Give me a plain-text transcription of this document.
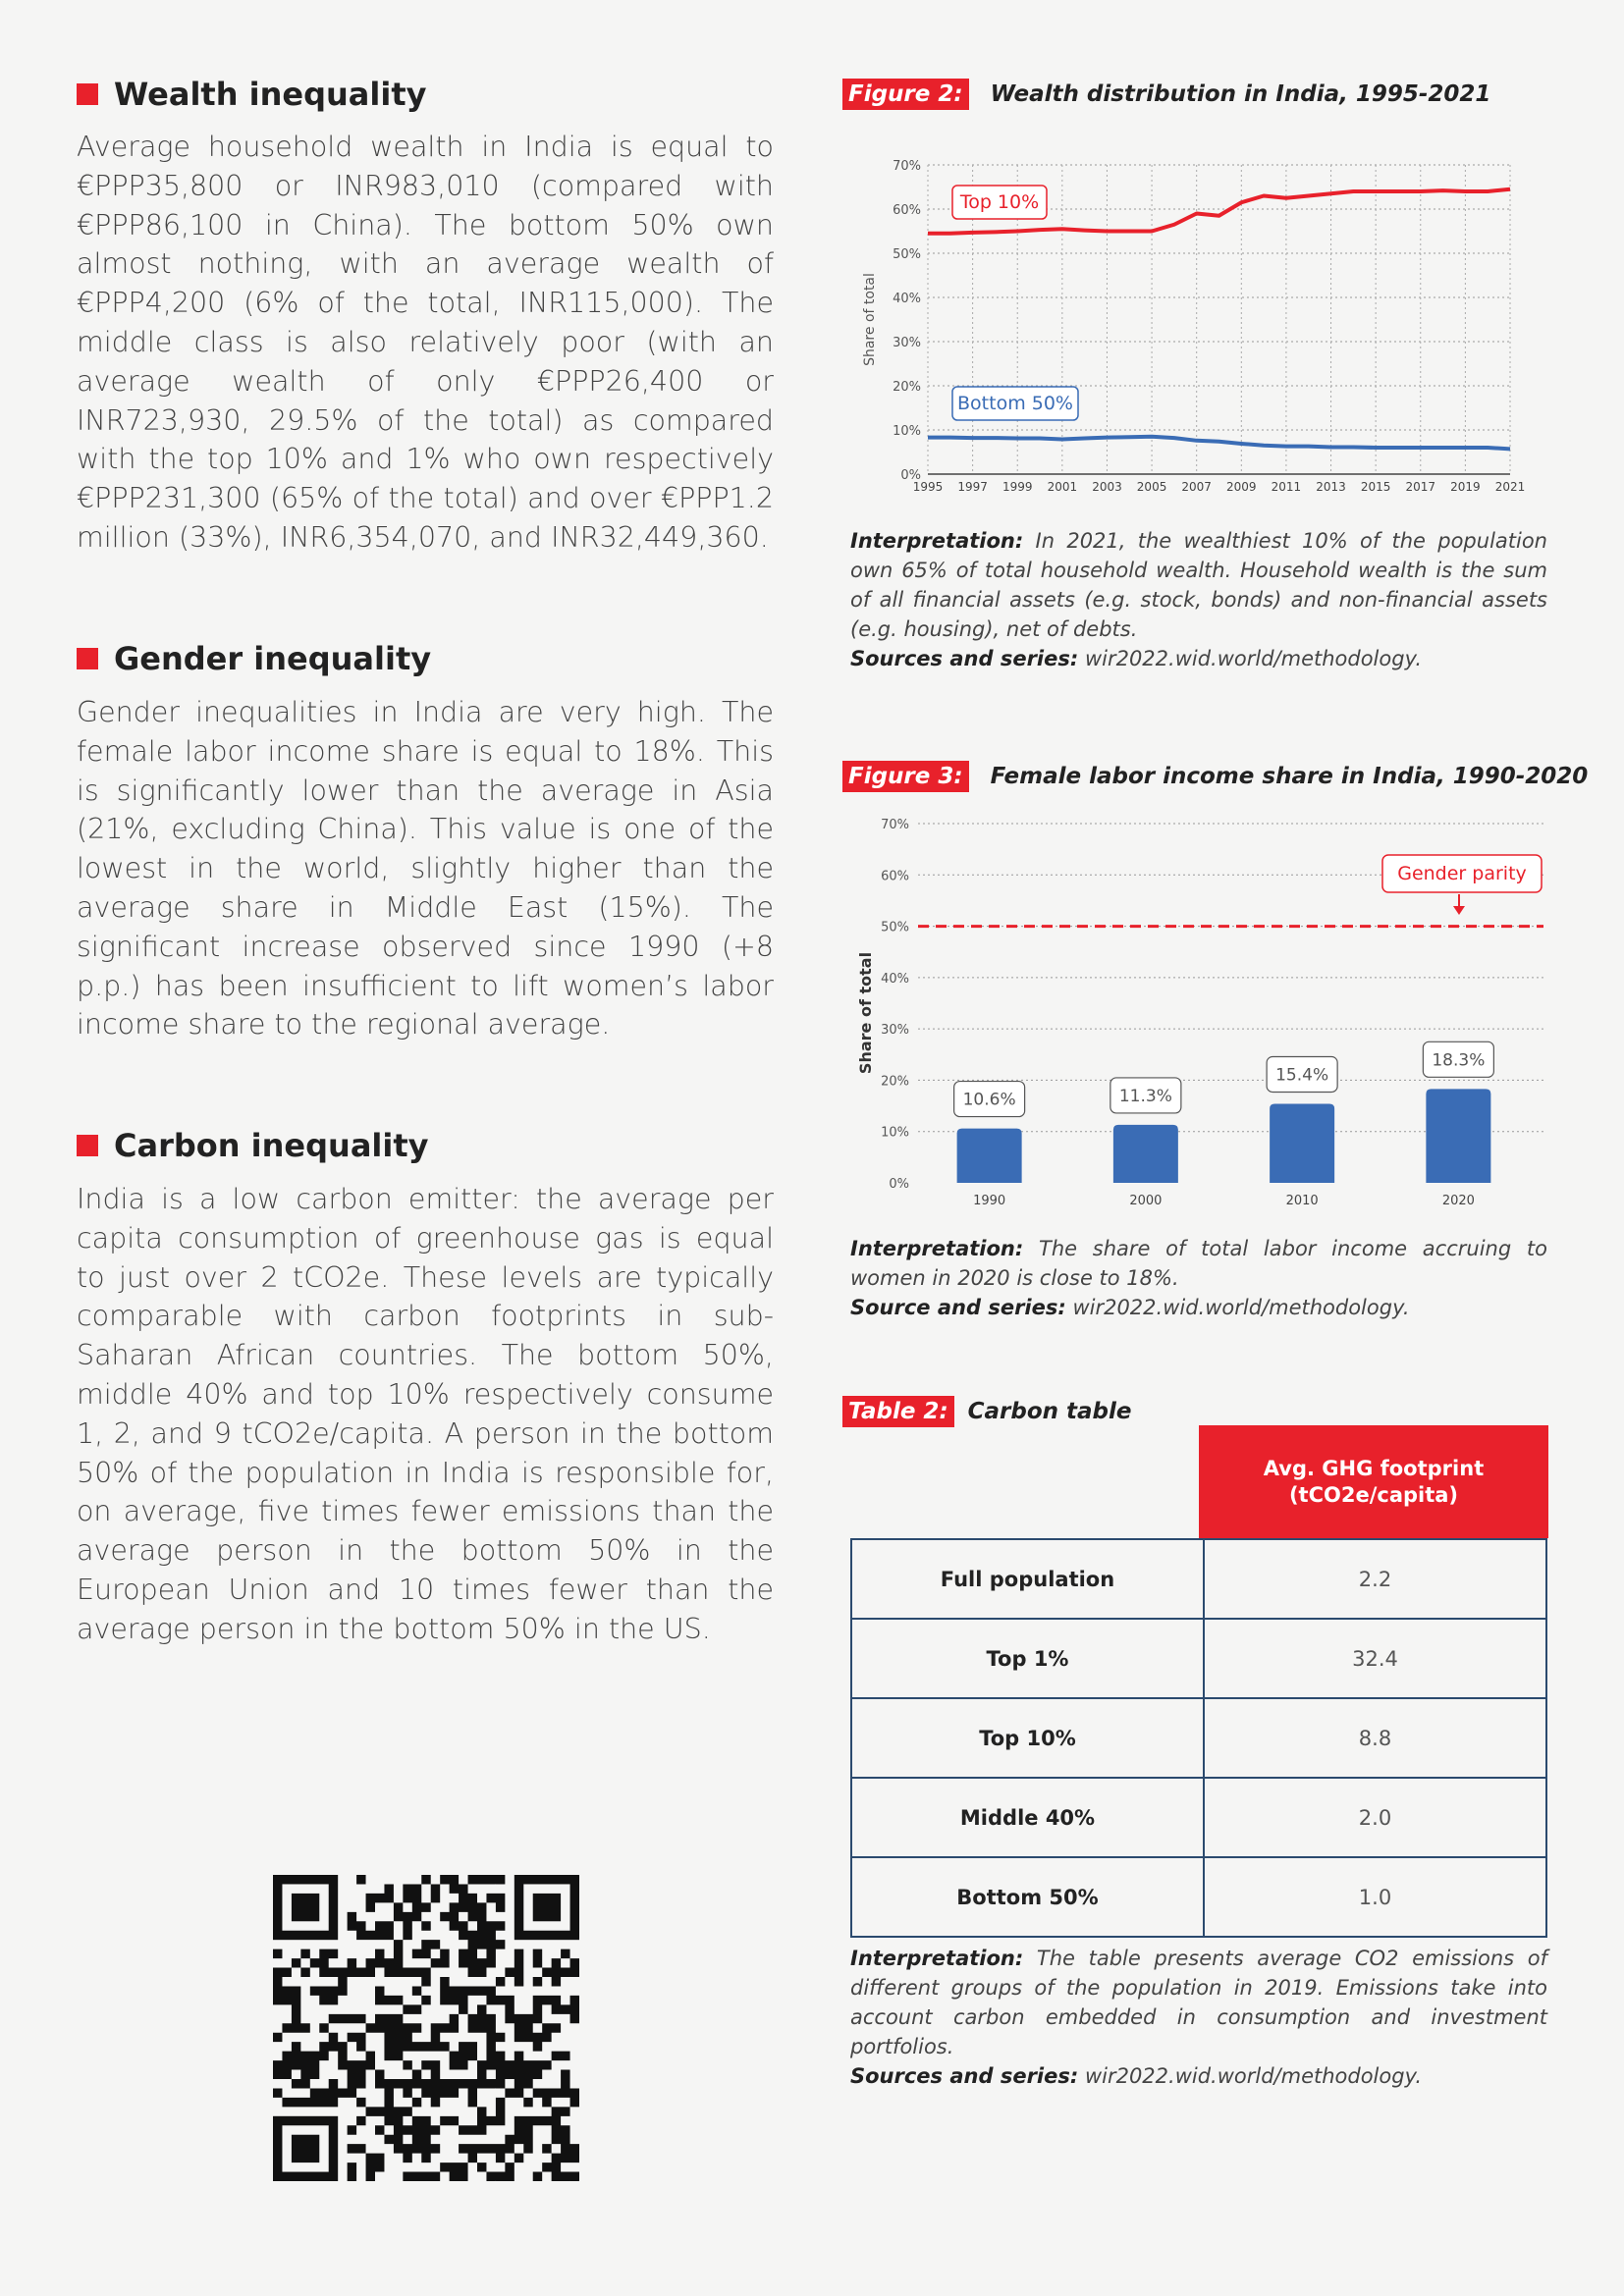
Wealth inequality
Average household wealth in India is equal to €PPP35,800 or INR983,010 (compared with €PPP86,100 in China). The bottom 50% own almost nothing, with an average wealth of €PPP4,200 (6% of the total, INR115,000). The middle class is also relatively poor (with an average wealth of only €PPP26,400 or INR723,930, 29.5% of the total) as compared with the top 10% and 1% who own respectively €PPP231,300 (65% of the total) and over €PPP1.2 million (33%), INR6,354,070, and INR32,449,360.
Gender inequality
Gender inequalities in India are very high. The female labor income share is equal to 18%. This is significantly lower than the average in Asia (21%, excluding China). This value is one of the lowest in the world, slightly higher than the average share in Middle East (15%). The significant increase observed since 1990 (+8 p.p.) has been insufficient to lift women’s labor income share to the regional average.
Carbon inequality
India is a low carbon emitter: the average per capita consumption of greenhouse gas is equal to just over 2 tCO2e. These levels are typically comparable with carbon footprints in sub-Saharan African countries. The bottom 50%, middle 40% and top 10% respectively consume 1, 2, and 9 tCO2e/capita. A person in the bottom 50% of the population in India is responsible for, on average, five times fewer emissions than the average person in the bottom 50% in the European Union and 10 times fewer than the average person in the bottom 50% in the US.
Figure 2: Wealth distribution in India, 1995-2021
0%
10%
20%
30%
40%
50%
60%
70%
1995 1997 1999 2001 2003 2005 2007 2009 2011 2013 2015 2017 2019 2021
Share of total
Top 10%
Bottom 50%
Interpretation: In 2021, the wealthiest 10% of the population own 65% of total household wealth. Household wealth is the sum of all financial assets (e.g. stock, bonds) and non-financial assets (e.g. housing), net of debts.
Sources and series: wir2022.wid.world/methodology.
Figure 3: Female labor income share in India, 1990-2020
0%
10%
20%
30%
40%
50%
60%
70%
Share of total
Gender parity
10.6%
1990
11.3%
2000
15.4%
2010
18.3%
2020
Interpretation: The share of total labor income accruing to women in 2020 is close to 18%.
Source and series: wir2022.wid.world/methodology.
Table 2: Carbon table
Avg. GHG footprint
(tCO2e/capita)
Full population	2.2
Top 1%	32.4
Top 10%	8.8
Middle 40%	2.0
Bottom 50%	1.0
Interpretation: The table presents average CO2 emissions of different groups of the population in 2019. Emissions take into account carbon embedded in consumption and investment portfolios.
Sources and series: wir2022.wid.world/methodology.
